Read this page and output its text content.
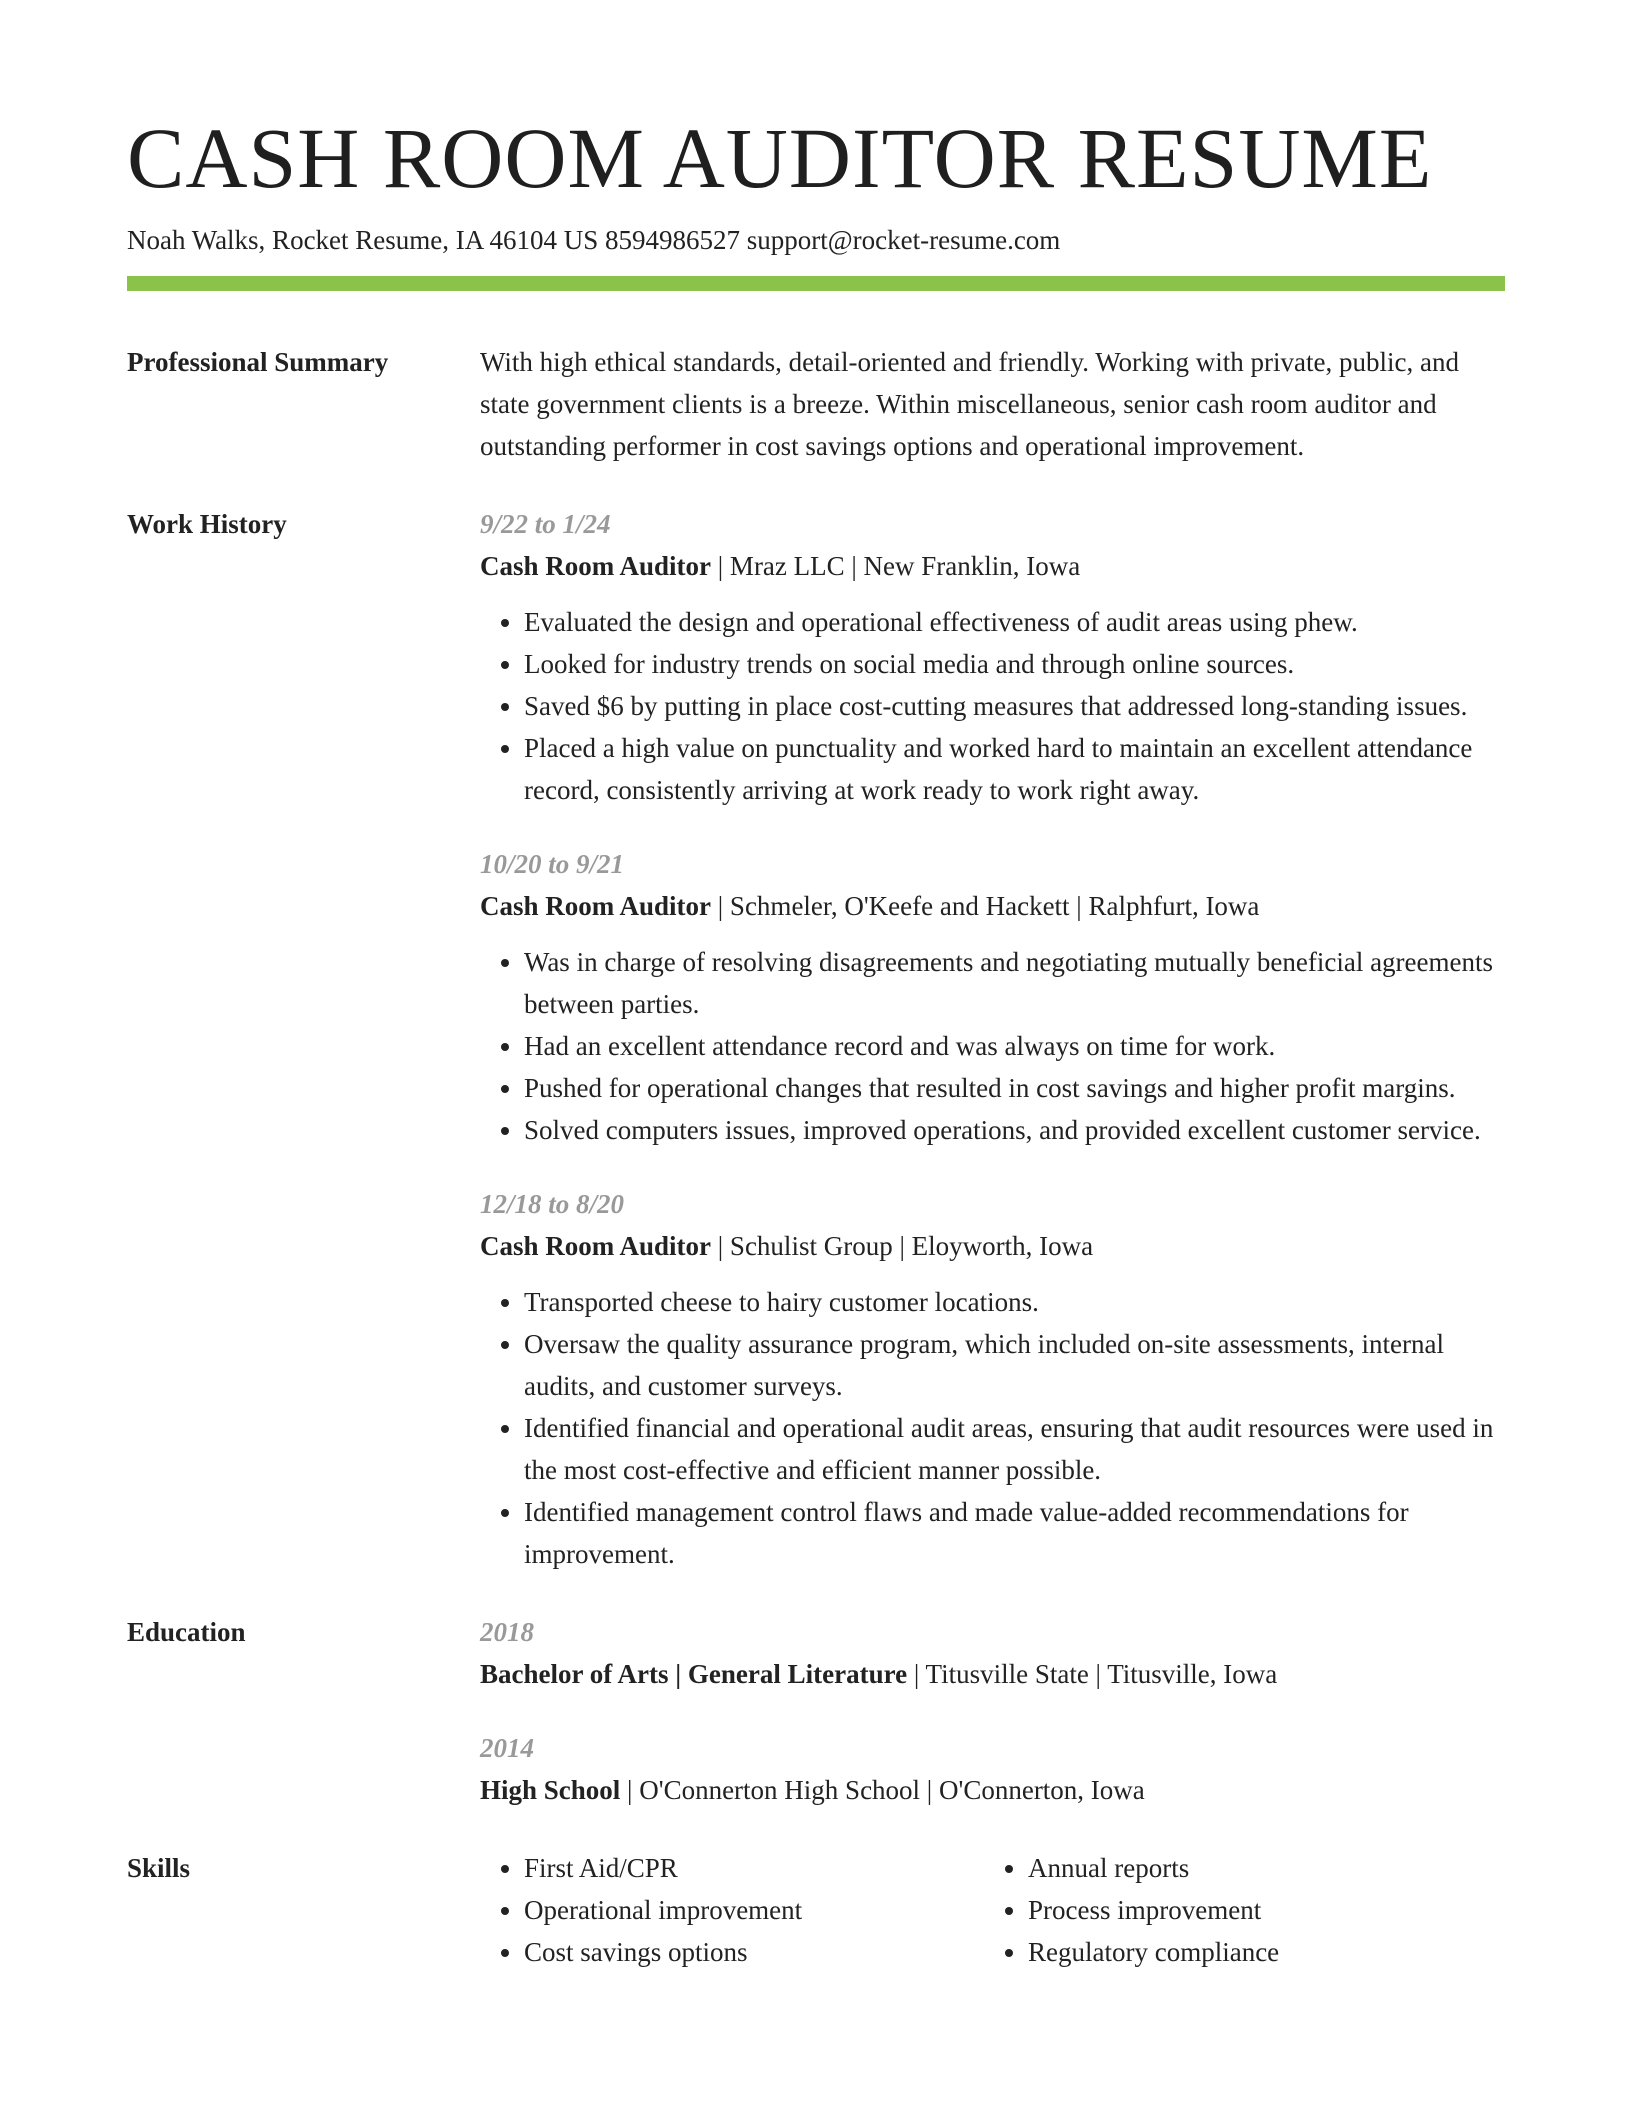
CASH ROOM AUDITOR RESUME
Noah Walks, Rocket Resume, IA 46104 US 8594986527 support@rocket-resume.com
Professional Summary	With high ethical standards, detail-oriented and friendly. Working with private, public, and state government clients is a breeze. Within miscellaneous, senior cash room auditor and outstanding performer in cost savings options and operational improvement.

Work History	9/22 to 1/24
Cash Room Auditor | Mraz LLC | New Franklin, Iowa
• Evaluated the design and operational effectiveness of audit areas using phew.
• Looked for industry trends on social media and through online sources.
• Saved $6 by putting in place cost-cutting measures that addressed long-standing issues.
• Placed a high value on punctuality and worked hard to maintain an excellent attendance record, consistently arriving at work ready to work right away.
10/20 to 9/21
Cash Room Auditor | Schmeler, O'Keefe and Hackett | Ralphfurt, Iowa
• Was in charge of resolving disagreements and negotiating mutually beneficial agreements between parties.
• Had an excellent attendance record and was always on time for work.
• Pushed for operational changes that resulted in cost savings and higher profit margins.
• Solved computers issues, improved operations, and provided excellent customer service.
12/18 to 8/20
Cash Room Auditor | Schulist Group | Eloyworth, Iowa
• Transported cheese to hairy customer locations.
• Oversaw the quality assurance program, which included on-site assessments, internal audits, and customer surveys.
• Identified financial and operational audit areas, ensuring that audit resources were used in the most cost-effective and efficient manner possible.
• Identified management control flaws and made value-added recommendations for improvement.
Education	2018
Bachelor of Arts | General Literature | Titusville State | Titusville, Iowa
2014
High School | O'Connerton High School | O'Connerton, Iowa
Skills
•	First Aid/CPR
• Operational improvement
• Cost savings options
• Annual reports
• Process improvement
• Regulatory compliance
